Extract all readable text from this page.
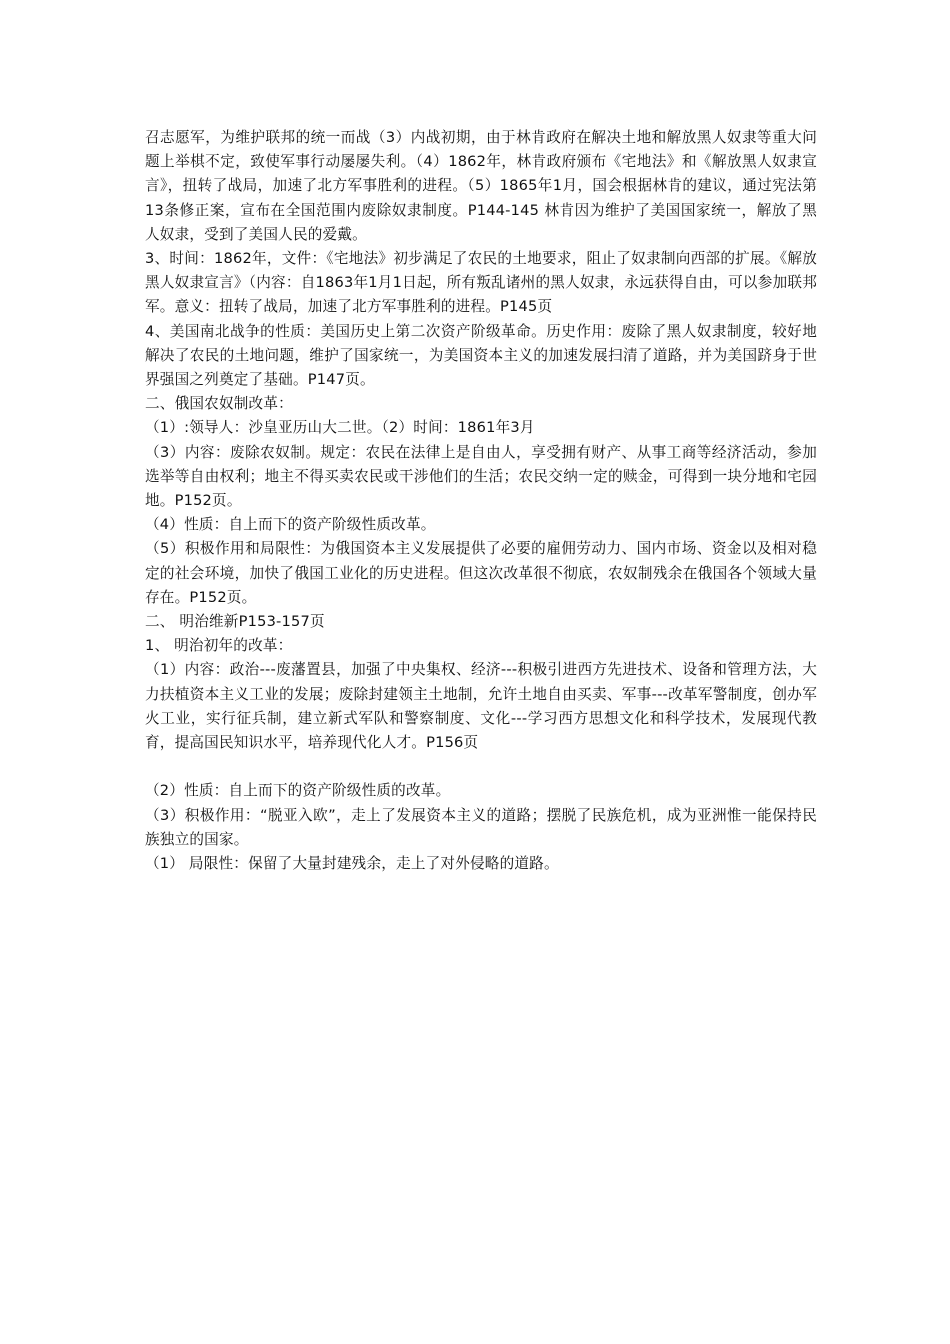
召志愿军，为维护联邦的统一而战（3）内战初期，由于林肯政府在解决土地和解放黑人奴隶等重大问题上举棋不定，致使军事行动屡屡失利。（4）1862年，林肯政府颁布《宅地法》和《解放黑人奴隶宣言》，扭转了战局，加速了北方军事胜利的进程。（5）1865年1月，国会根据林肯的建议，通过宪法第13条修正案，宣布在全国范围内废除奴隶制度。P144-145 林肯因为维护了美国国家统一，解放了黑人奴隶，受到了美国人民的爱戴。

3、时间：1862年，文件：《宅地法》初步满足了农民的土地要求，阻止了奴隶制向西部的扩展。《解放黑人奴隶宣言》（内容：自1863年1月1日起，所有叛乱诸州的黑人奴隶，永远获得自由，可以参加联邦军。意义：扭转了战局，加速了北方军事胜利的进程。P145页

4、美国南北战争的性质：美国历史上第二次资产阶级革命。历史作用：废除了黑人奴隶制度，较好地解决了农民的土地问题，维护了国家统一，为美国资本主义的加速发展扫清了道路，并为美国跻身于世界强国之列奠定了基础。P147页。

二、俄国农奴制改革：

（1）:领导人：沙皇亚历山大二世。（2）时间：1861年3月

（3）内容：废除农奴制。规定：农民在法律上是自由人，享受拥有财产、从事工商等经济活动，参加选举等自由权利；地主不得买卖农民或干涉他们的生活；农民交纳一定的赎金，可得到一块分地和宅园地。P152页。

（4）性质：自上而下的资产阶级性质改革。

（5）积极作用和局限性：为俄国资本主义发展提供了必要的雇佣劳动力、国内市场、资金以及相对稳定的社会环境，加快了俄国工业化的历史进程。但这次改革很不彻底，农奴制残余在俄国各个领域大量存在。P152页。

二、 明治维新P153-157页

1、 明治初年的改革：

（1）内容：政治---废藩置县，加强了中央集权、经济---积极引进西方先进技术、设备和管理方法，大力扶植资本主义工业的发展；废除封建领主土地制，允许土地自由买卖、军事---改革军警制度，创办军火工业，实行征兵制，建立新式军队和警察制度、文化---学习西方思想文化和科学技术，发展现代教育，提高国民知识水平，培养现代化人才。P156页

（2）性质：自上而下的资产阶级性质的改革。

（3）积极作用：“脱亚入欧”，走上了发展资本主义的道路；摆脱了民族危机，成为亚洲惟一能保持民族独立的国家。

（1） 局限性：保留了大量封建残余，走上了对外侵略的道路。
